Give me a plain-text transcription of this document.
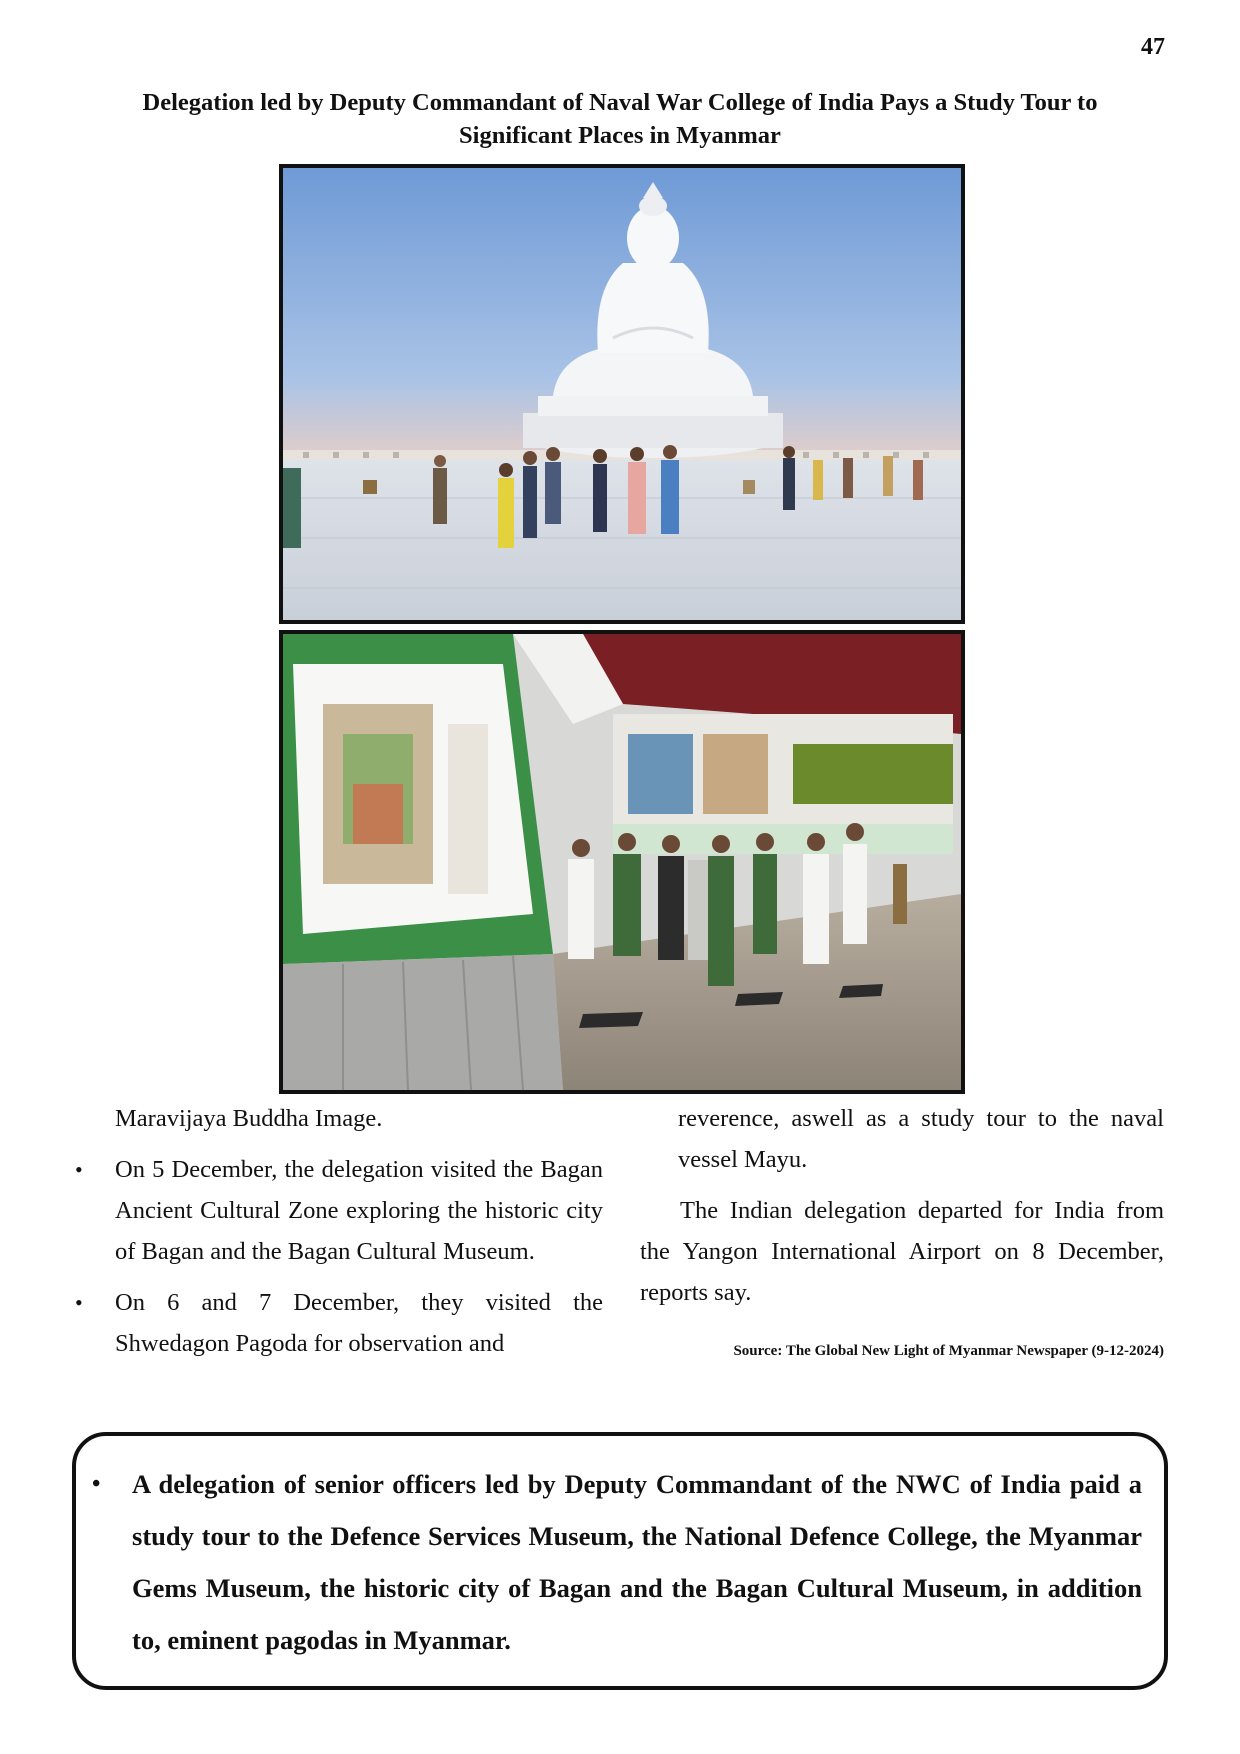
47
Delegation led by Deputy Commandant of Naval War College of India Pays a Study Tour to
Significant Places in Myanmar

Maravijaya Buddha Image.

• On 5 December, the delegation visited the Bagan Ancient Cultural Zone exploring the historic city of Bagan and the Bagan Cultural Museum.

• On 6 and 7 December, they visited the Shwedagon Pagoda for observation and

reverence, aswell as a study tour to the naval vessel Mayu.

The Indian delegation departed for India from the Yangon International Airport on 8 December, reports say.

Source: The Global New Light of Myanmar Newspaper (9-12-2024)

• A delegation of senior officers led by Deputy Commandant of the NWC of India paid a study tour to the Defence Services Museum, the National Defence College, the Myanmar Gems Museum, the historic city of Bagan and the Bagan Cultural Museum, in addition to, eminent pagodas in Myanmar.
